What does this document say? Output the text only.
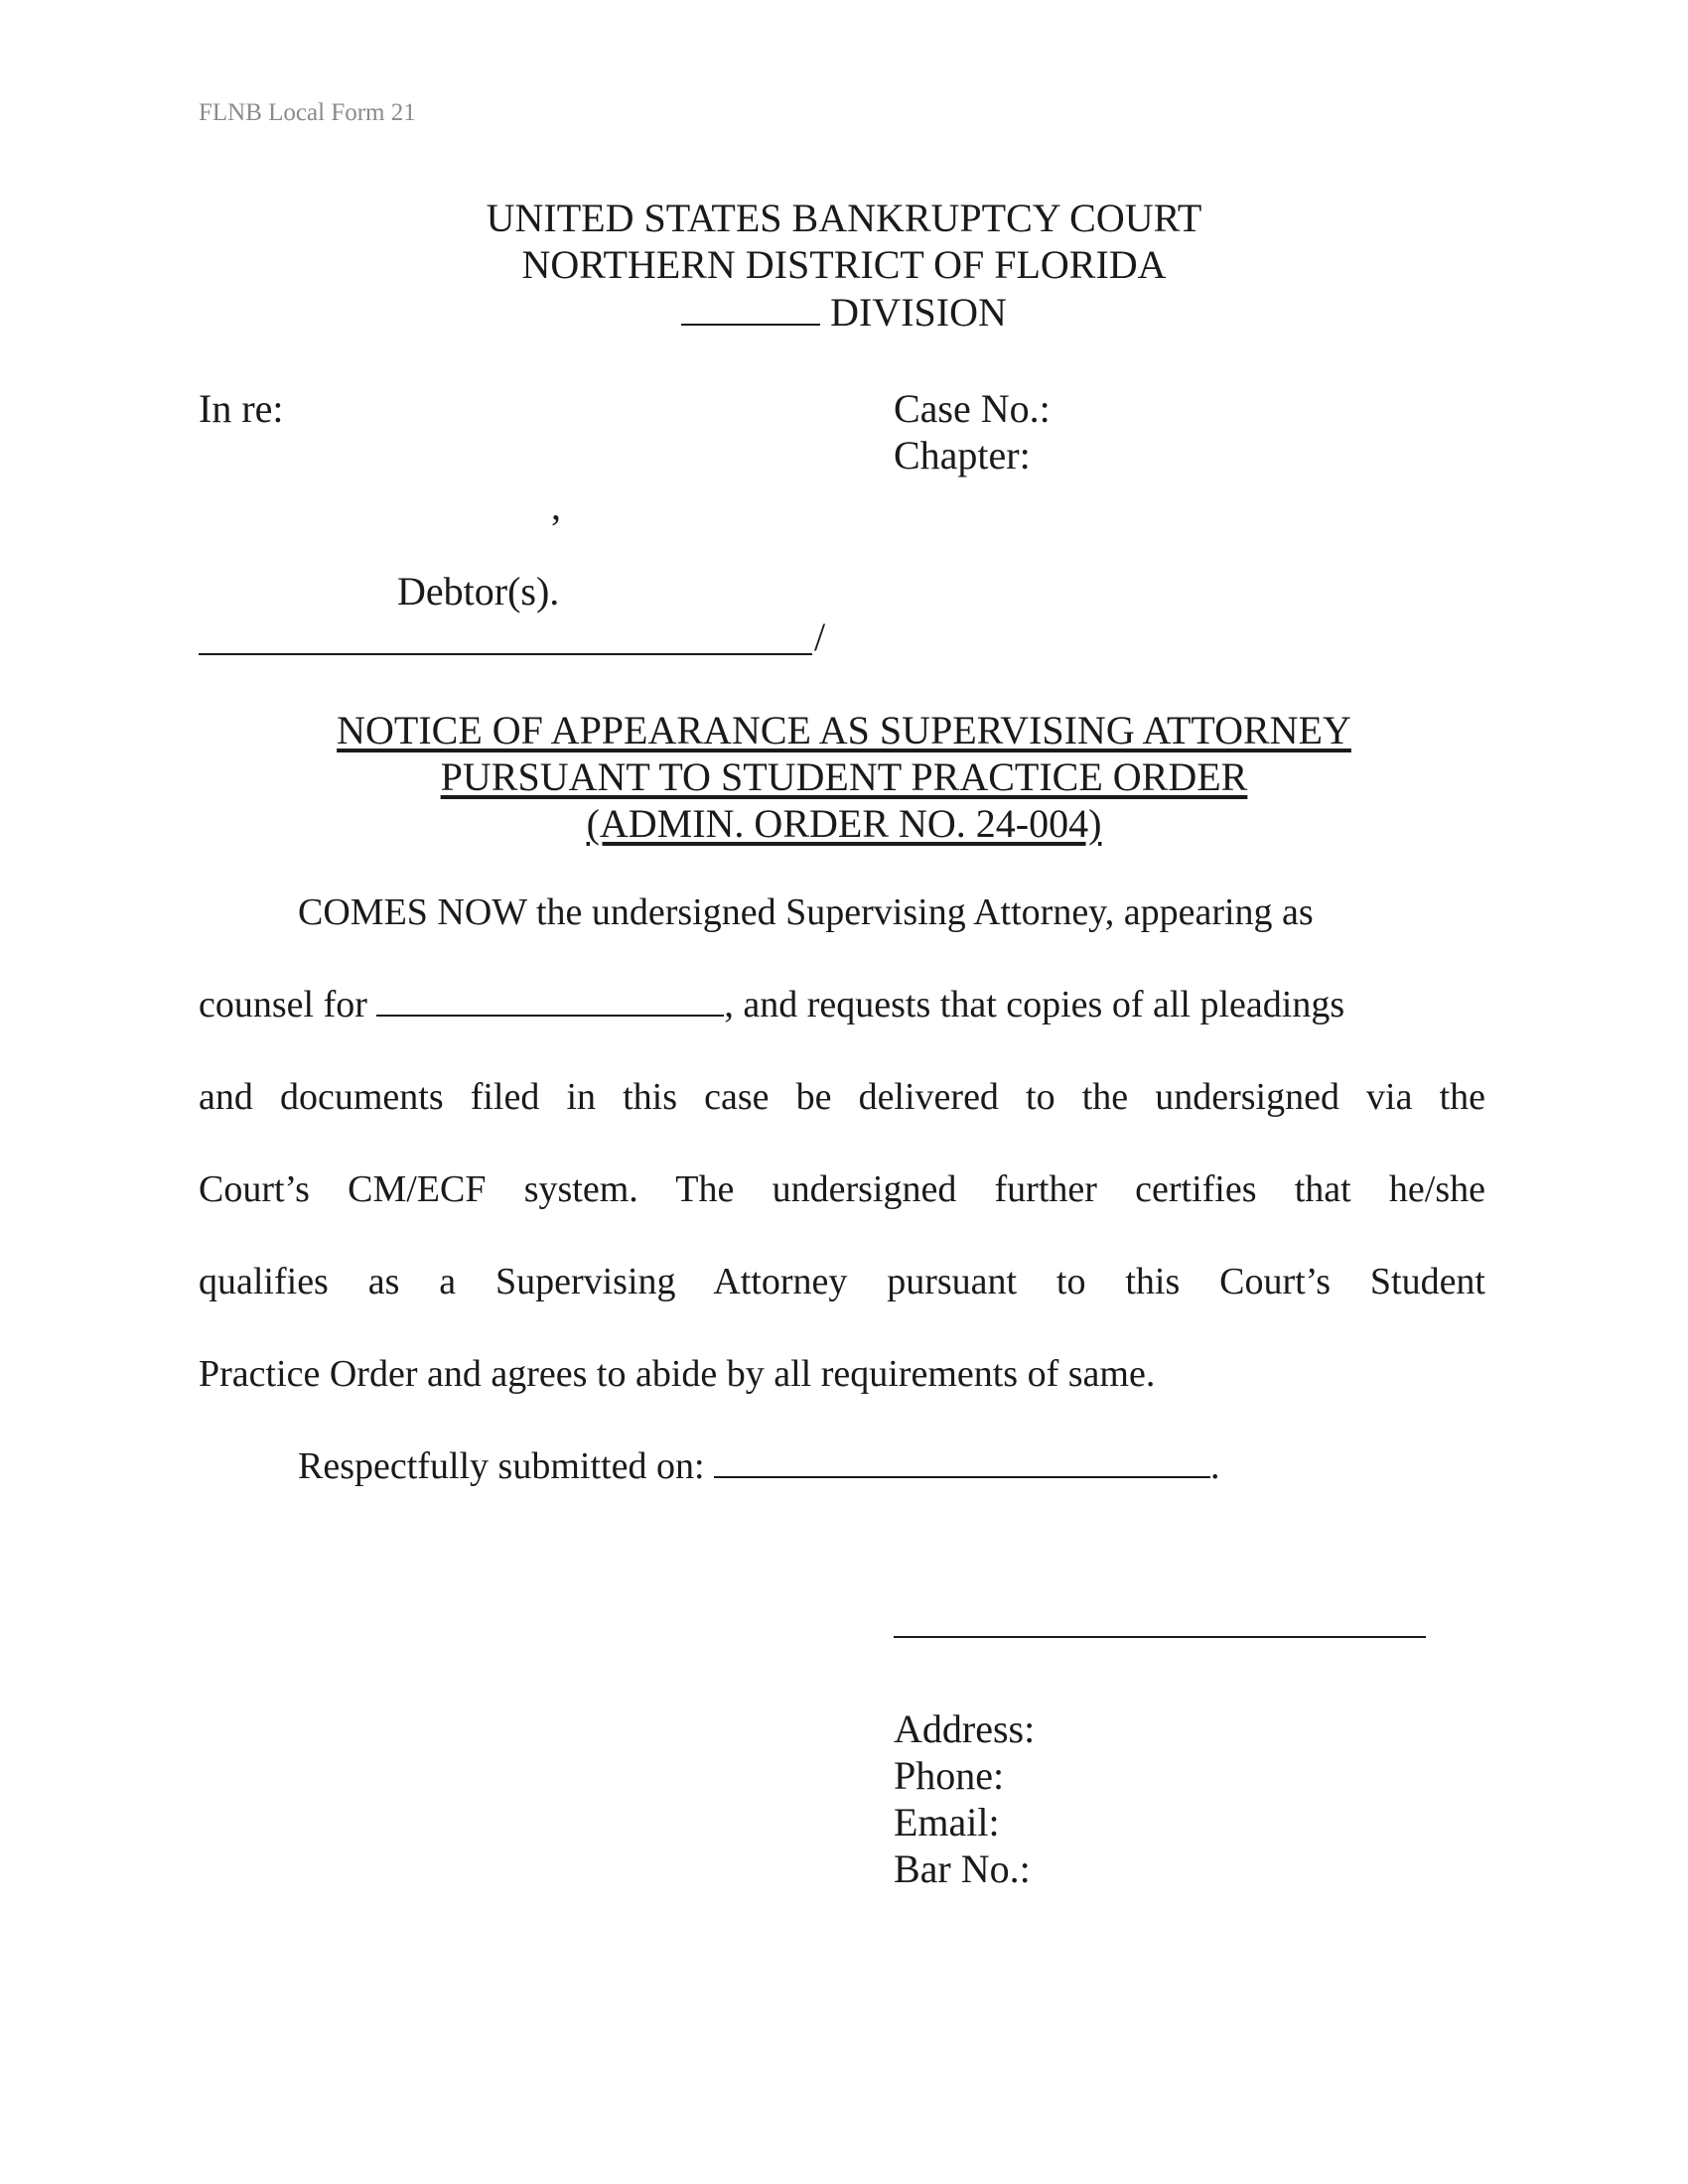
FLNB Local Form 21
UNITED STATES BANKRUPTCY COURT
NORTHERN DISTRICT OF FLORIDA
DIVISION
In re:	Case No.:
Chapter:
,
Debtor(s).
/
NOTICE OF APPEARANCE AS SUPERVISING ATTORNEY
PURSUANT TO STUDENT PRACTICE ORDER
(ADMIN. ORDER NO. 24-004)
COMES NOW the undersigned Supervising Attorney, appearing as
counsel for	, and requests that copies of all pleadings
and documents filed in this case be delivered to the undersigned via the
Court’s CM/ECF system. The undersigned further certifies that he/she
qualifies as a Supervising Attorney pursuant to this Court’s Student
Practice Order and agrees to abide by all requirements of same.
Respectfully submitted on:	.
Address:
Phone:
Email:
Bar No.:
